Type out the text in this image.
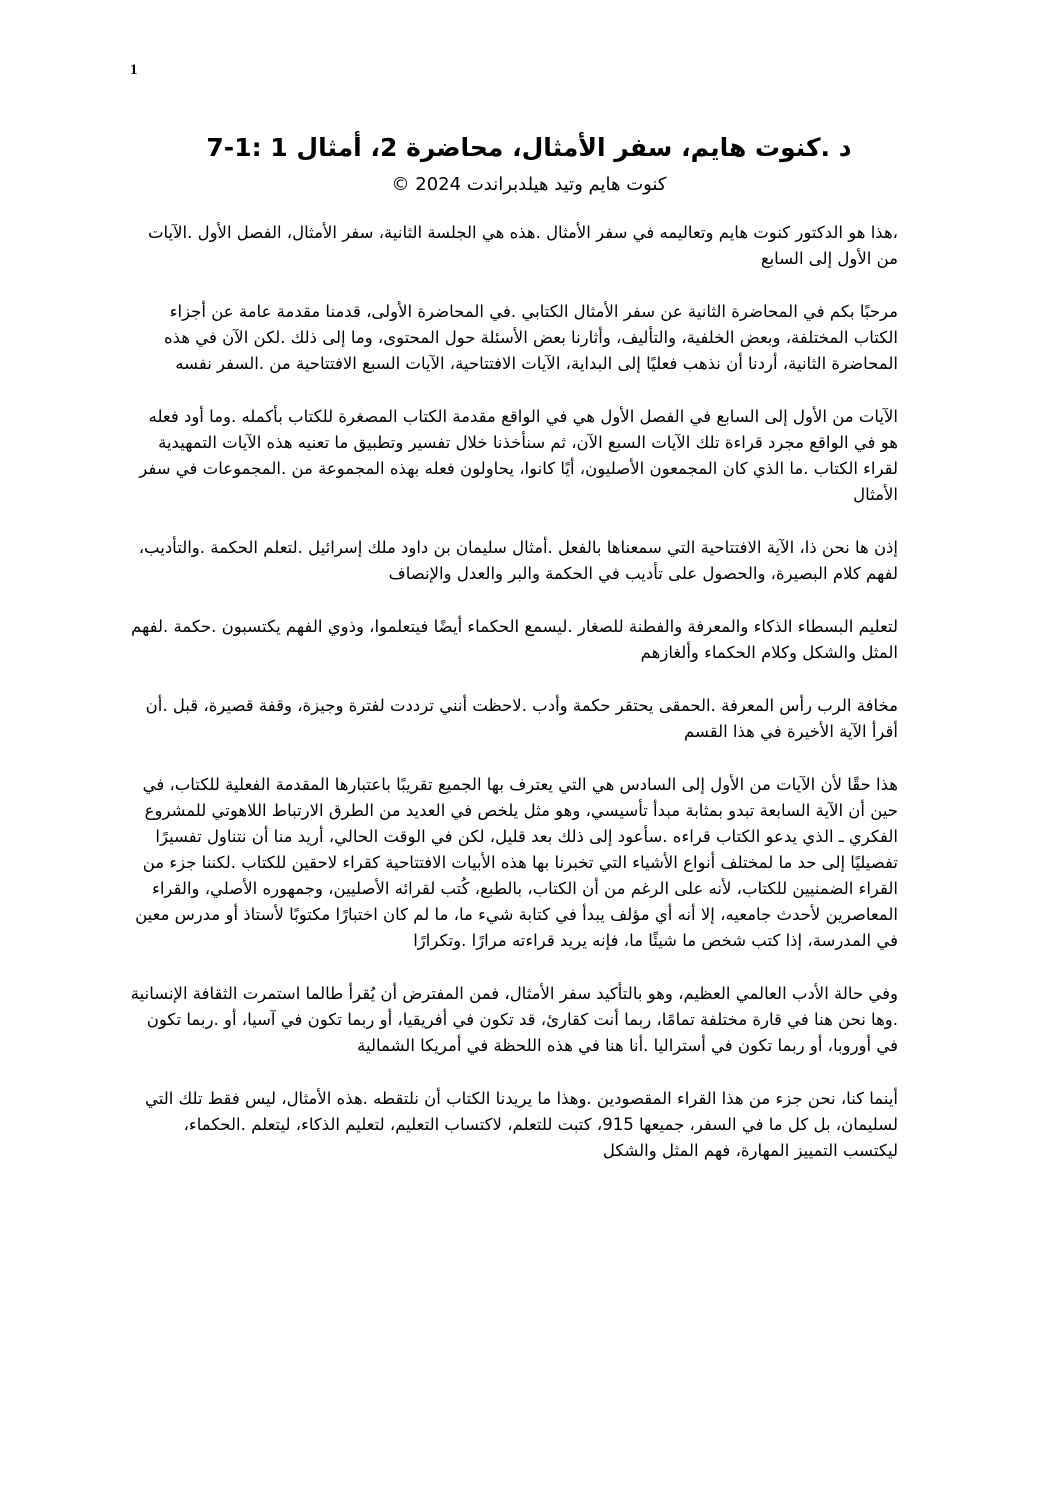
1
د .كنوت هايم، سفر الأمثال، محاضرة 2، أمثال 1 :1-7
كنوت هايم وتيد هيلدبراندت 2024 ©

،هذا هو الدكتور كنوت هايم وتعاليمه في سفر الأمثال .هذه هي الجلسة الثانية، سفر الأمثال، الفصل الأول .الآيات من الأول إلى السابع

مرحبًا بكم في المحاضرة الثانية عن سفر الأمثال الكتابي .في المحاضرة الأولى، قدمنا مقدمة عامة عن أجزاء الكتاب المختلفة، وبعض الخلفية، والتأليف، وأثارنا بعض الأسئلة حول المحتوى، وما إلى ذلك .لكن الآن في هذه المحاضرة الثانية، أردنا أن نذهب فعليًا إلى البداية، الآيات الافتتاحية، الآيات السبع الافتتاحية من .السفر نفسه

الآيات من الأول إلى السابع في الفصل الأول هي في الواقع مقدمة الكتاب المصغرة للكتاب بأكمله .وما أود فعله هو في الواقع مجرد قراءة تلك الآيات السبع الآن، ثم سنأخذنا خلال تفسير وتطبيق ما تعنيه هذه الآيات التمهيدية لقراء الكتاب .ما الذي كان المجمعون الأصليون، أيًا كانوا، يحاولون فعله بهذه المجموعة من .المجموعات في سفر الأمثال

إذن ها نحن ذا، الآية الافتتاحية التي سمعناها بالفعل .أمثال سليمان بن داود ملك إسرائيل .لتعلم الحكمة .والتأديب، لفهم كلام البصيرة، والحصول على تأديب في الحكمة والبر والعدل والإنصاف

لتعليم البسطاء الذكاء والمعرفة والفطنة للصغار .ليسمع الحكماء أيضًا فيتعلموا، وذوي الفهم يكتسبون .حكمة .لفهم المثل والشكل وكلام الحكماء وألغازهم

مخافة الرب رأس المعرفة .الحمقى يحتقر حكمة وأدب .لاحظت أنني ترددت لفترة وجيزة، وقفة قصيرة، قبل .أن أقرأ الآية الأخيرة في هذا القسم

هذا حقًا لأن الآيات من الأول إلى السادس هي التي يعترف بها الجميع تقريبًا باعتبارها المقدمة الفعلية للكتاب، في حين أن الآية السابعة تبدو بمثابة مبدأ تأسيسي، وهو مثل يلخص في العديد من الطرق الارتباط اللاهوتي للمشروع الفكري ـ الذي يدعو الكتاب قراءه .سأعود إلى ذلك بعد قليل، لكن في الوقت الحالي، أريد منا أن نتناول تفسيرًا تفصيليًا إلى حد ما لمختلف أنواع الأشياء التي تخبرنا بها هذه الأبيات الافتتاحية كقراء لاحقين للكتاب .لكننا جزء من القراء الضمنيين للكتاب، لأنه على الرغم من أن الكتاب، بالطبع، كُتب لقرائه الأصليين، وجمهوره الأصلي، والقراء المعاصرين لأحدث جامعيه، إلا أنه أي مؤلف يبدأ في كتابة شيء ما، ما لم كان اختبارًا مكتوبًا لأستاذ أو مدرس معين في المدرسة، إذا كتب شخص ما شيئًا ما، فإنه يريد قراءته مرارًا .وتكرارًا

وفي حالة الأدب العالمي العظيم، وهو بالتأكيد سفر الأمثال، فمن المفترض أن يُقرأ طالما استمرت الثقافة الإنسانية .وها نحن هنا في قارة مختلفة تمامًا، ربما أنت كقارئ، قد تكون في أفريقيا، أو ربما تكون في آسيا، أو .ربما تكون في أوروبا، أو ربما تكون في أستراليا .أنا هنا في هذه اللحظة في أمريكا الشمالية

أينما كنا، نحن جزء من هذا القراء المقصودين .وهذا ما يريدنا الكتاب أن نلتقطه .هذه الأمثال، ليس فقط تلك التي لسليمان، بل كل ما في السفر، جميعها 915، كتبت للتعلم، لاكتساب التعليم، لتعليم الذكاء، ليتعلم .الحكماء، ليكتسب التمييز المهارة، فهم المثل والشكل
